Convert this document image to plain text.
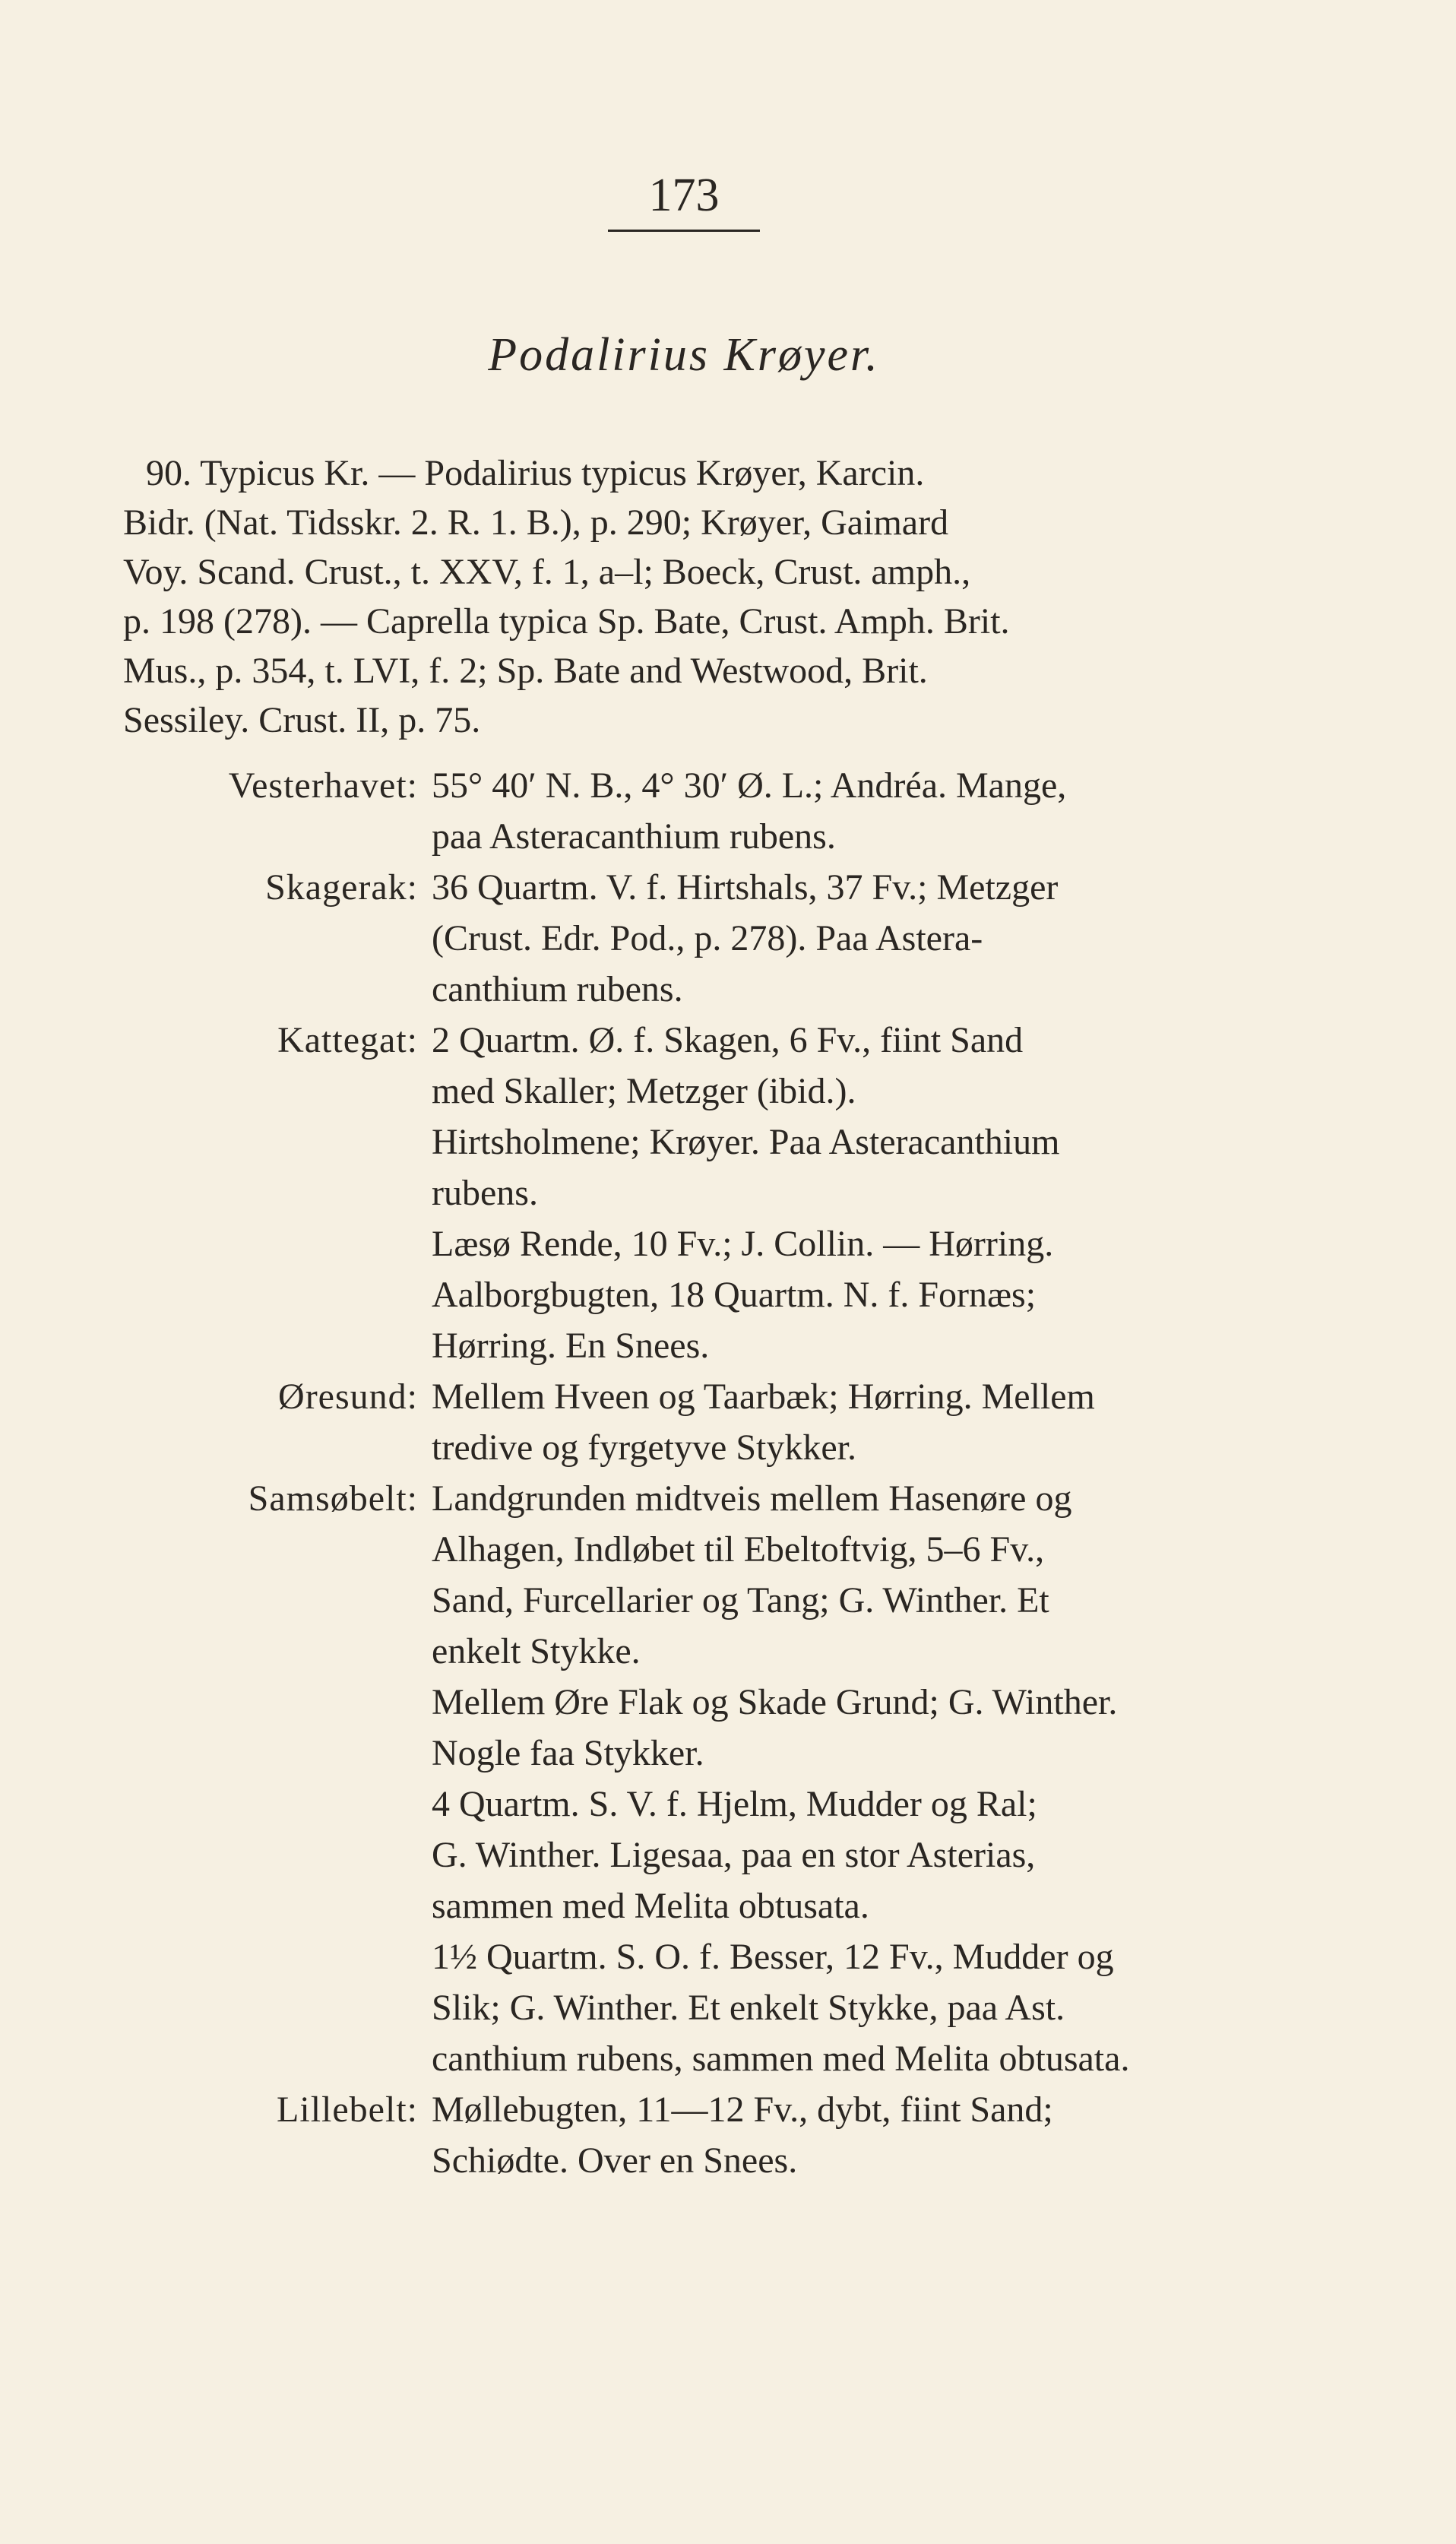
173
Podalirius Krøyer.
90. Typicus Kr. — Podalirius typicus Krøyer, Karcin.
Bidr. (Nat. Tidsskr. 2. R. 1. B.), p. 290; Krøyer, Gaimard
Voy. Scand. Crust., t. XXV, f. 1, a–l; Boeck, Crust. amph.,
p. 198 (278). — Caprella typica Sp. Bate, Crust. Amph. Brit.
Mus., p. 354, t. LVI, f. 2; Sp. Bate and Westwood, Brit.
Sessiley. Crust. II, p. 75.
Vesterhavet: 55° 40′ N. B., 4° 30′ Ø. L.; Andréa. Mange,
paa Asteracanthium rubens.
Skagerak: 36 Quartm. V. f. Hirtshals, 37 Fv.; Metzger
(Crust. Edr. Pod., p. 278). Paa Astera-
canthium rubens.
Kattegat: 2 Quartm. Ø. f. Skagen, 6 Fv., fiint Sand
med Skaller; Metzger (ibid.).
Hirtsholmene; Krøyer. Paa Asteracanthium
rubens.
Læsø Rende, 10 Fv.; J. Collin. — Hørring.
Aalborgbugten, 18 Quartm. N. f. Fornæs;
Hørring. En Snees.
Øresund: Mellem Hveen og Taarbæk; Hørring. Mellem
tredive og fyrgetyve Stykker.
Samsøbelt: Landgrunden midtveis mellem Hasenøre og
Alhagen, Indløbet til Ebeltoftvig, 5–6 Fv.,
Sand, Furcellarier og Tang; G. Winther. Et
enkelt Stykke.
Mellem Øre Flak og Skade Grund; G. Winther.
Nogle faa Stykker.
4 Quartm. S. V. f. Hjelm, Mudder og Ral;
G. Winther. Ligesaa, paa en stor Asterias,
sammen med Melita obtusata.
1½ Quartm. S. O. f. Besser, 12 Fv., Mudder og
Slik; G. Winther. Et enkelt Stykke, paa Ast.
canthium rubens, sammen med Melita obtusata.
Lillebelt: Møllebugten, 11—12 Fv., dybt, fiint Sand;
Schiødte. Over en Snees.
